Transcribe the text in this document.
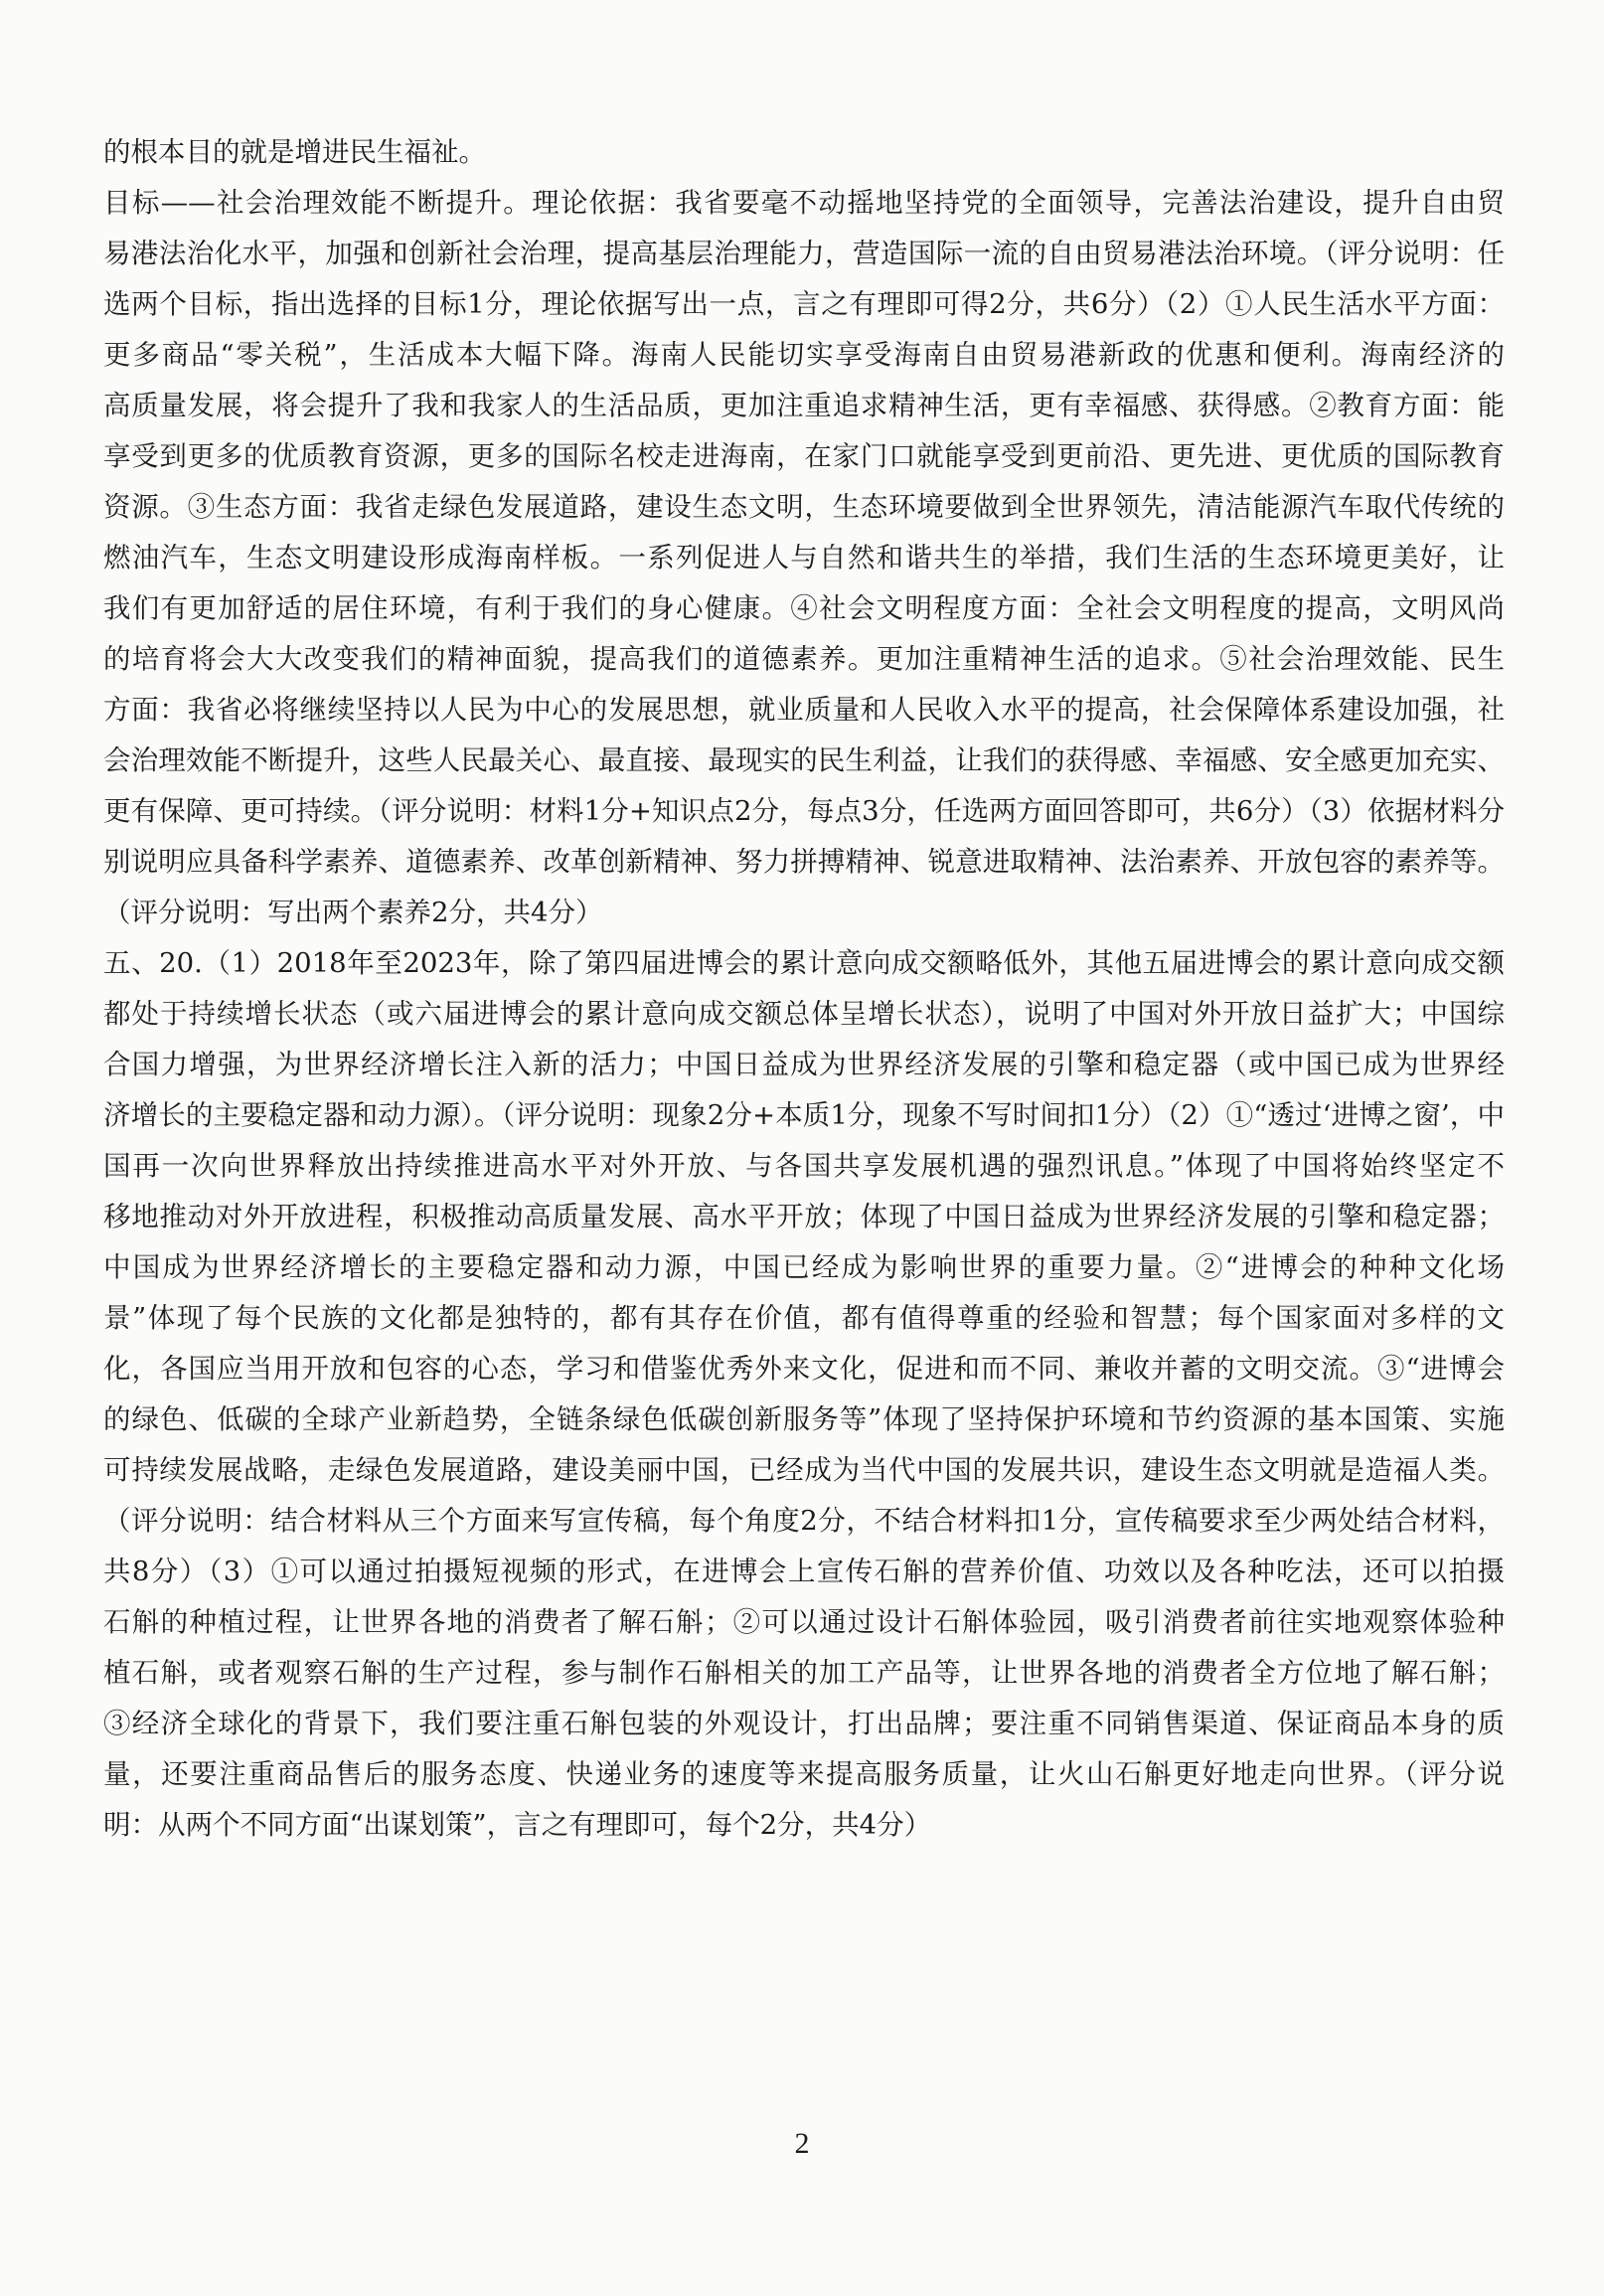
的根本目的就是增进民生福祉。
目标——社会治理效能不断提升。理论依据：我省要毫不动摇地坚持党的全面领导，完善法治建设，提升自由贸
易港法治化水平，加强和创新社会治理，提高基层治理能力，营造国际一流的自由贸易港法治环境。（评分说明：任
选两个目标，指出选择的目标1分，理论依据写出一点，言之有理即可得2分，共6分）（2）①人民生活水平方面：
更多商品“零关税”，生活成本大幅下降。海南人民能切实享受海南自由贸易港新政的优惠和便利。海南经济的
高质量发展，将会提升了我和我家人的生活品质，更加注重追求精神生活，更有幸福感、获得感。②教育方面：能
享受到更多的优质教育资源，更多的国际名校走进海南，在家门口就能享受到更前沿、更先进、更优质的国际教育
资源。③生态方面：我省走绿色发展道路，建设生态文明，生态环境要做到全世界领先，清洁能源汽车取代传统的
燃油汽车，生态文明建设形成海南样板。一系列促进人与自然和谐共生的举措，我们生活的生态环境更美好，让
我们有更加舒适的居住环境，有利于我们的身心健康。④社会文明程度方面：全社会文明程度的提高，文明风尚
的培育将会大大改变我们的精神面貌，提高我们的道德素养。更加注重精神生活的追求。⑤社会治理效能、民生
方面：我省必将继续坚持以人民为中心的发展思想，就业质量和人民收入水平的提高，社会保障体系建设加强，社
会治理效能不断提升，这些人民最关心、最直接、最现实的民生利益，让我们的获得感、幸福感、安全感更加充实、
更有保障、更可持续。（评分说明：材料1分+知识点2分，每点3分，任选两方面回答即可，共6分）（3）依据材料分
别说明应具备科学素养、道德素养、改革创新精神、努力拼搏精神、锐意进取精神、法治素养、开放包容的素养等。
（评分说明：写出两个素养2分，共4分）
五、20.（1）2018年至2023年，除了第四届进博会的累计意向成交额略低外，其他五届进博会的累计意向成交额
都处于持续增长状态（或六届进博会的累计意向成交额总体呈增长状态），说明了中国对外开放日益扩大；中国综
合国力增强，为世界经济增长注入新的活力；中国日益成为世界经济发展的引擎和稳定器（或中国已成为世界经
济增长的主要稳定器和动力源）。（评分说明：现象2分+本质1分，现象不写时间扣1分）（2）①“透过‘进博之窗’，中
国再一次向世界释放出持续推进高水平对外开放、与各国共享发展机遇的强烈讯息。”体现了中国将始终坚定不
移地推动对外开放进程，积极推动高质量发展、高水平开放；体现了中国日益成为世界经济发展的引擎和稳定器；
中国成为世界经济增长的主要稳定器和动力源，中国已经成为影响世界的重要力量。②“进博会的种种文化场
景”体现了每个民族的文化都是独特的，都有其存在价值，都有值得尊重的经验和智慧；每个国家面对多样的文
化，各国应当用开放和包容的心态，学习和借鉴优秀外来文化，促进和而不同、兼收并蓄的文明交流。③“进博会
的绿色、低碳的全球产业新趋势，全链条绿色低碳创新服务等”体现了坚持保护环境和节约资源的基本国策、实施
可持续发展战略，走绿色发展道路，建设美丽中国，已经成为当代中国的发展共识，建设生态文明就是造福人类。
（评分说明：结合材料从三个方面来写宣传稿，每个角度2分，不结合材料扣1分，宣传稿要求至少两处结合材料，
共8分）（3）①可以通过拍摄短视频的形式，在进博会上宣传石斛的营养价值、功效以及各种吃法，还可以拍摄
石斛的种植过程，让世界各地的消费者了解石斛；②可以通过设计石斛体验园，吸引消费者前往实地观察体验种
植石斛，或者观察石斛的生产过程，参与制作石斛相关的加工产品等，让世界各地的消费者全方位地了解石斛；
③经济全球化的背景下，我们要注重石斛包装的外观设计，打出品牌；要注重不同销售渠道、保证商品本身的质
量，还要注重商品售后的服务态度、快递业务的速度等来提高服务质量，让火山石斛更好地走向世界。（评分说
明：从两个不同方面“出谋划策”，言之有理即可，每个2分，共4分）
2
